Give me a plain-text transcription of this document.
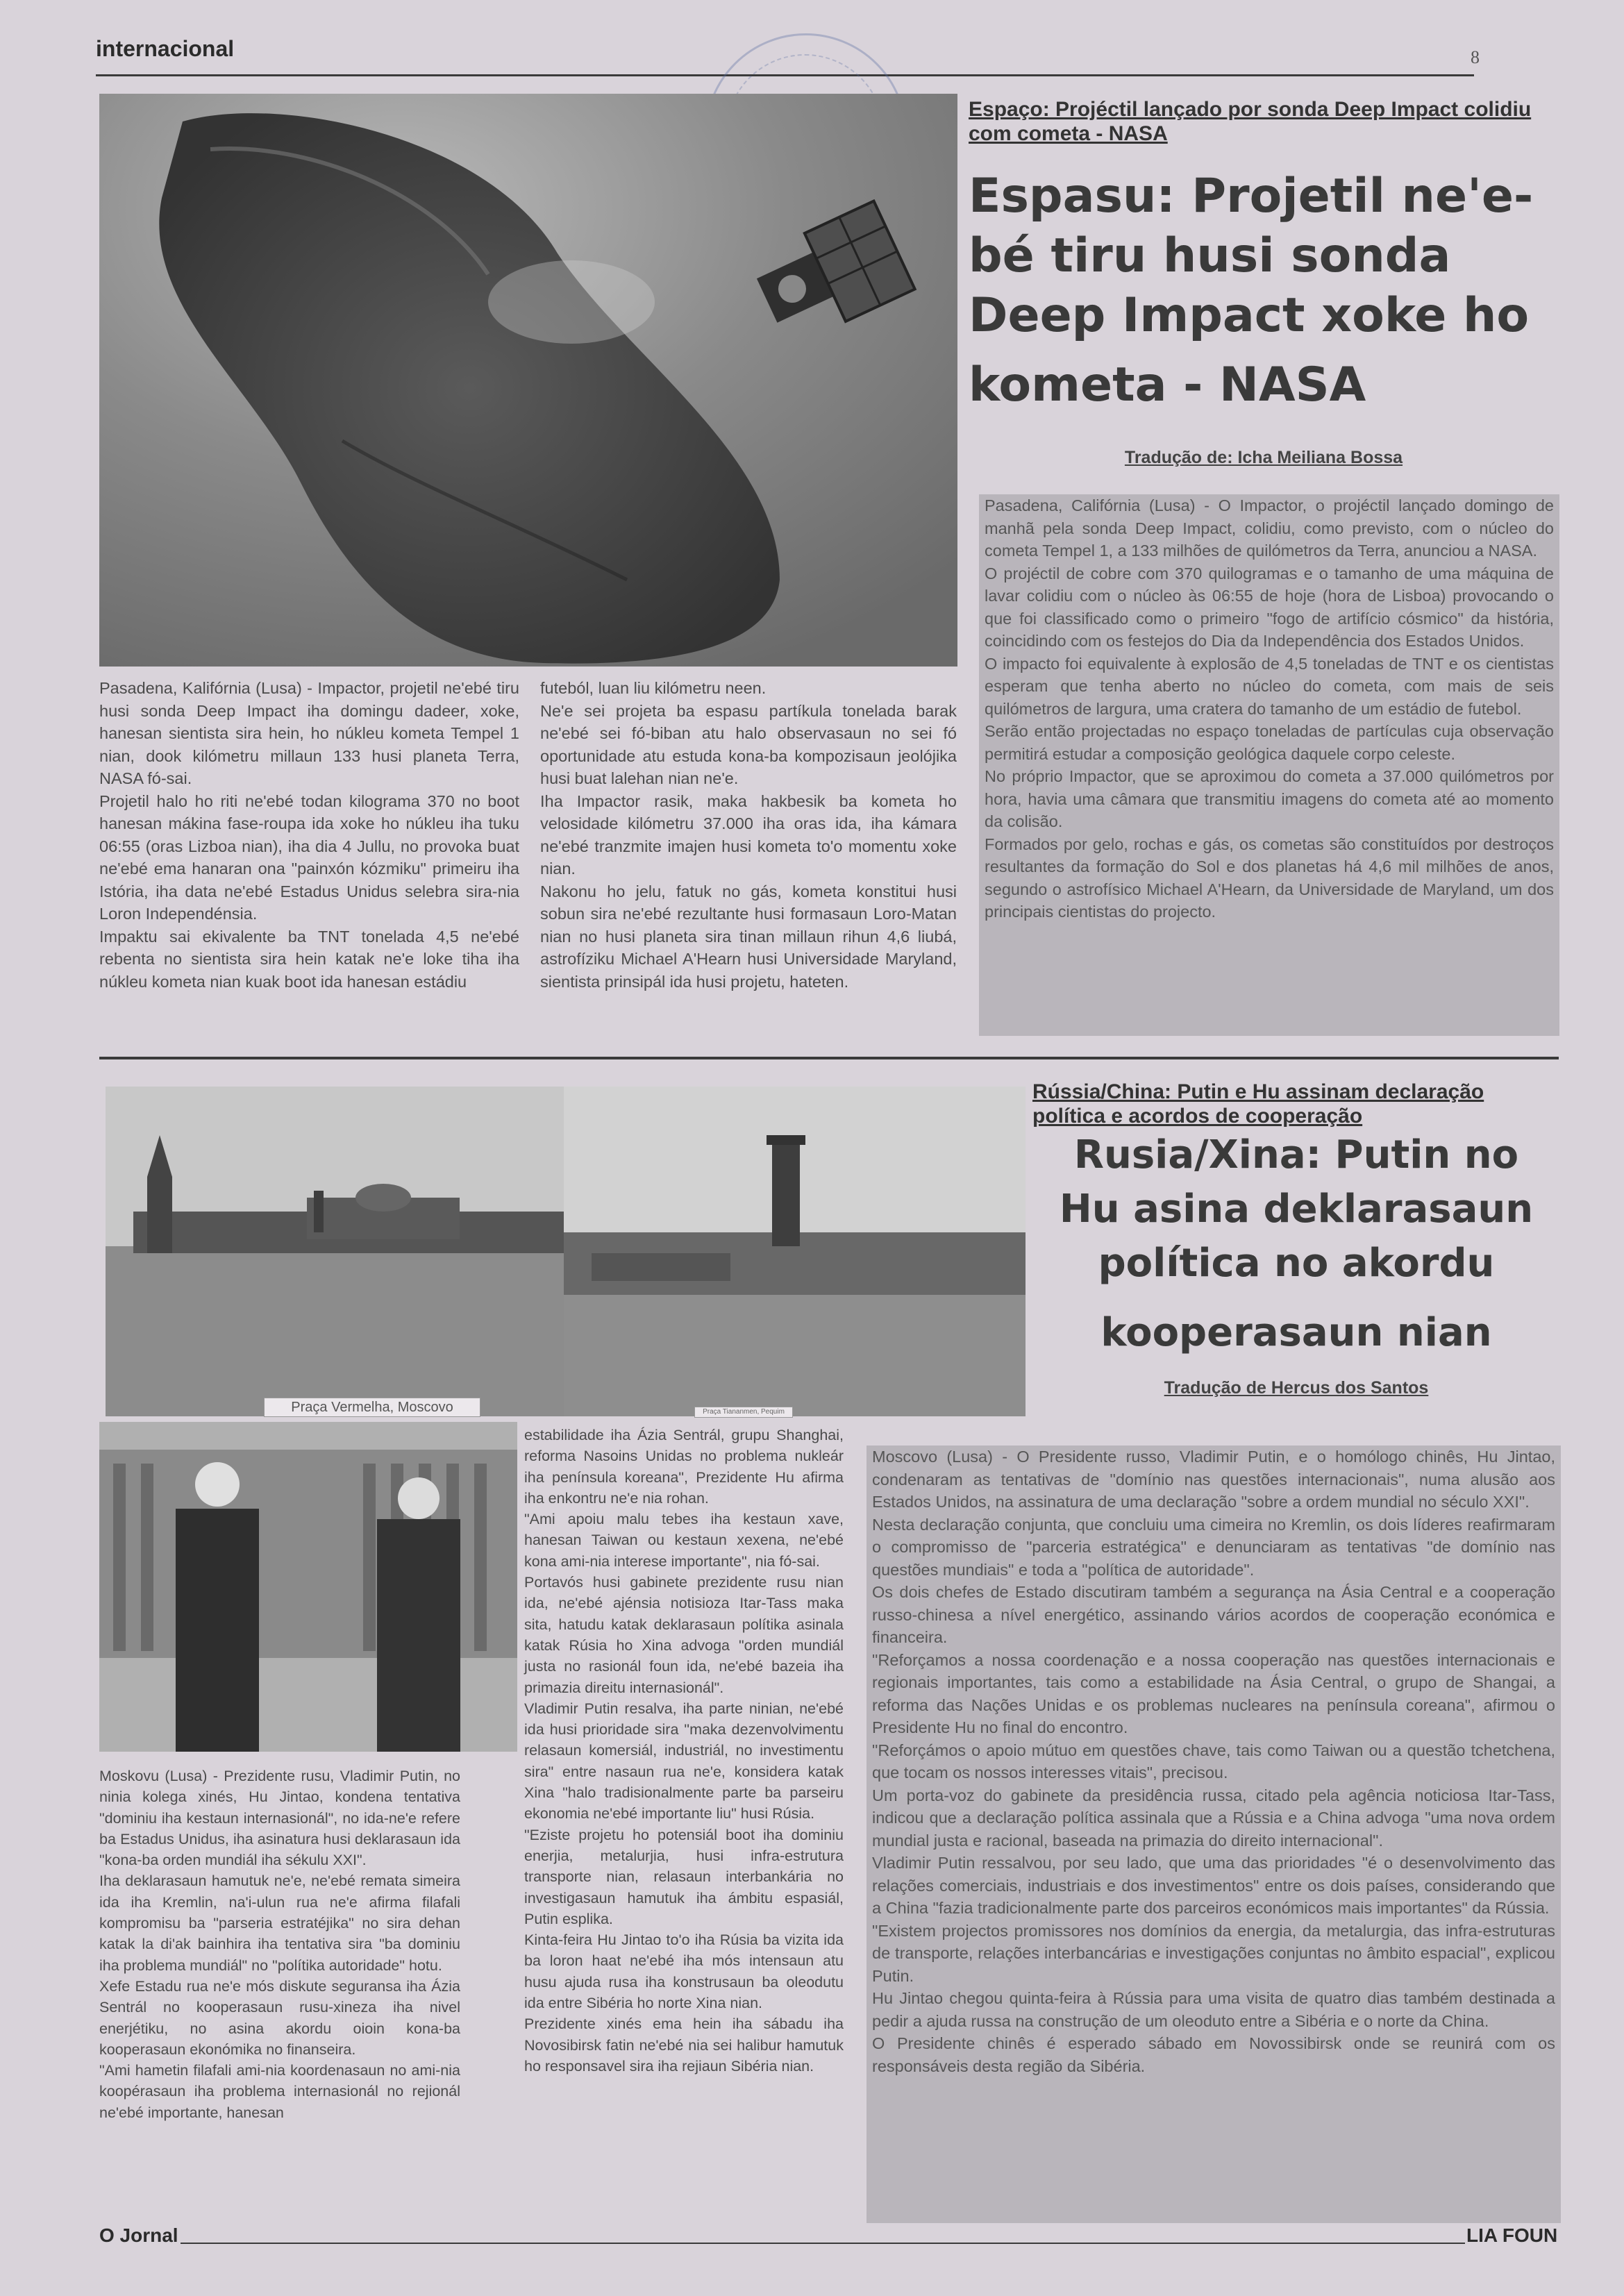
internacional	8
Espaço: Projéctil lançado por sonda Deep Impact colidiu com cometa - NASA
Espasu: Projetil ne'e-
bé tiru husi sonda
Deep Impact xoke ho
kometa - NASA
Tradução de: Icha Meiliana Bossa

Pasadena, Califórnia (Lusa) - O Impactor, o projéctil lançado domingo de manhã pela sonda Deep Impact, colidiu, como previsto, com o núcleo do cometa Tempel 1, a 133 milhões de quilómetros da Terra, anunciou a NASA.

O projéctil de cobre com 370 quilogramas e o tamanho de uma máquina de lavar colidiu com o núcleo às 06:55 de hoje (hora de Lisboa) provocando o que foi classificado como o primeiro "fogo de artifício cósmico" da história, coincidindo com os festejos do Dia da Independência dos Estados Unidos.

O impacto foi equivalente à explosão de 4,5 toneladas de TNT e os cientistas esperam que tenha aberto no núcleo do cometa, com mais de seis quilómetros de largura, uma cratera do tamanho de um estádio de futebol.

Serão então projectadas no espaço toneladas de partículas cuja observação permitirá estudar a composição geológica daquele corpo celeste.

No próprio Impactor, que se aproximou do cometa a 37.000 quilómetros por hora, havia uma câmara que transmitiu imagens do cometa até ao momento da colisão.

Formados por gelo, rochas e gás, os cometas são constituídos por destroços resultantes da formação do Sol e dos planetas há 4,6 mil milhões de anos, segundo o astrofísico Michael A'Hearn, da Universidade de Maryland, um dos principais cientistas do projecto.

Pasadena, Kalifórnia (Lusa) - Impactor, projetil ne'ebé tiru husi sonda Deep Impact iha domingu dadeer, xoke, hanesan sientista sira hein, ho núkleu kometa Tempel 1 nian, dook kilómetru millaun 133 husi planeta Terra, NASA fó-sai.

Projetil halo ho riti ne'ebé todan kilograma 370 no boot hanesan mákina fase-roupa ida xoke ho núkleu iha tuku 06:55 (oras Lizboa nian), iha dia 4 Jullu, no provoka buat ne'ebé ema hanaran ona "painxón kózmiku" primeiru iha Istória, iha data ne'ebé Estadus Unidus selebra sira-nia Loron Independénsia.

Impaktu sai ekivalente ba TNT tonelada 4,5 ne'ebé rebenta no sientista sira hein katak ne'e loke tiha iha núkleu kometa nian kuak boot ida hanesan estádiu

futeból, luan liu kilómetru neen.

Ne'e sei projeta ba espasu partíkula tonelada barak ne'ebé sei fó-biban atu halo observasaun no sei fó oportunidade atu estuda kona-ba kompozisaun jeolójika husi buat lalehan nian ne'e.

Iha Impactor rasik, maka hakbesik ba kometa ho velosidade kilómetru 37.000 iha oras ida, iha kámara ne'ebé tranzmite imajen husi kometa to'o momentu xoke nian.

Nakonu ho jelu, fatuk no gás, kometa konstitui husi sobun sira ne'ebé rezultante husi formasaun Loro-Matan nian no husi planeta sira tinan millaun rihun 4,6 liubá, astrofíziku Michael A'Hearn husi Universidade Maryland, sientista prinsipál ida husi projetu, hateten.

Praça Vermelha, Moscovo	Praça Tiananmen, Pequim
Rússia/China: Putin e Hu assinam declaração política e acordos de cooperação
Rusia/Xina: Putin no
Hu asina deklarasaun
política no akordu
kooperasaun nian
Tradução de Hercus dos Santos

Moscovo (Lusa) - O Presidente russo, Vladimir Putin, e o homólogo chinês, Hu Jintao, condenaram as tentativas de "domínio nas questões internacionais", numa alusão aos Estados Unidos, na assinatura de uma declaração "sobre a ordem mundial no século XXI".

Nesta declaração conjunta, que concluiu uma cimeira no Kremlin, os dois líderes reafirmaram o compromisso de "parceria estratégica" e denunciaram as tentativas "de domínio nas questões mundiais" e toda a "política de autoridade".

Os dois chefes de Estado discutiram também a segurança na Ásia Central e a cooperação russo-chinesa a nível energético, assinando vários acordos de cooperação económica e financeira.

"Reforçamos a nossa coordenação e a nossa cooperação nas questões internacionais e regionais importantes, tais como a estabilidade na Ásia Central, o grupo de Shangai, a reforma das Nações Unidas e os problemas nucleares na península coreana", afirmou o Presidente Hu no final do encontro.

"Reforçámos o apoio mútuo em questões chave, tais como Taiwan ou a questão tchetchena, que tocam os nossos interesses vitais", precisou.

Um porta-voz do gabinete da presidência russa, citado pela agência noticiosa Itar-Tass, indicou que a declaração política assinala que a Rússia e a China advoga "uma nova ordem mundial justa e racional, baseada na primazia do direito internacional".

Vladimir Putin ressalvou, por seu lado, que uma das prioridades "é o desenvolvimento das relações comerciais, industriais e dos investimentos" entre os dois países, considerando que a China "fazia tradicionalmente parte dos parceiros económicos mais importantes" da Rússia.

"Existem projectos promissores nos domínios da energia, da metalurgia, das infra-estruturas de transporte, relações interbancárias e investigações conjuntas no âmbito espacial", explicou Putin.

Hu Jintao chegou quinta-feira à Rússia para uma visita de quatro dias também destinada a pedir a ajuda russa na construção de um oleoduto entre a Sibéria e o norte da China.

O Presidente chinês é esperado sábado em Novossibirsk onde se reunirá com os responsáveis desta região da Sibéria.

Moskovu (Lusa) - Prezidente rusu, Vladimir Putin, no ninia kolega xinés, Hu Jintao, kondena tentativa "dominiu iha kestaun internasionál", no ida-ne'e refere ba Estadus Unidus, iha asinatura husi deklarasaun ida "kona-ba orden mundiál iha sékulu XXI".

Iha deklarasaun hamutuk ne'e, ne'ebé remata simeira ida iha Kremlin, na'i-ulun rua ne'e afirma filafali kompromisu ba "parseria estratéjika" no sira dehan katak la di'ak bainhira iha tentativa sira "ba dominiu iha problema mundiál" no "polítika autoridade" hotu.

Xefe Estadu rua ne'e mós diskute seguransa iha Ázia Sentrál no kooperasaun rusu-xineza iha nivel enerjétiku, no asina akordu oioin kona-ba kooperasaun ekonómika no finanseira.

"Ami hametin filafali ami-nia koordenasaun no ami-nia koopérasaun iha problema internasionál no rejionál ne'ebé importante, hanesan

estabilidade iha Ázia Sentrál, grupu Shanghai, reforma Nasoins Unidas no problema nukleár iha península koreana", Prezidente Hu afirma iha enkontru ne'e nia rohan.

"Ami apoiu malu tebes iha kestaun xave, hanesan Taiwan ou kestaun xexena, ne'ebé kona ami-nia interese importante", nia fó-sai.

Portavós husi gabinete prezidente rusu nian ida, ne'ebé ajénsia notisioza Itar-Tass maka sita, hatudu katak deklarasaun polítika asinala katak Rúsia ho Xina advoga "orden mundiál justa no rasionál foun ida, ne'ebé bazeia iha primazia direitu internasionál".

Vladimir Putin resalva, iha parte ninian, ne'ebé ida husi prioridade sira "maka dezenvolvimentu relasaun komersiál, industriál, no investimentu sira" entre nasaun rua ne'e, konsidera katak Xina "halo tradisionalmente parte ba parseiru ekonomia ne'ebé importante liu" husi Rúsia.

"Eziste projetu ho potensiál boot iha dominiu enerjia, metalurjia, husi infra-estrutura transporte nian, relasaun interbankária no investigasaun hamutuk iha ámbitu espasiál, Putin esplika.

Kinta-feira Hu Jintao to'o iha Rúsia ba vizita ida ba loron haat ne'ebé iha mós intensaun atu husu ajuda rusa iha konstrusaun ba oleodutu ida entre Sibéria ho norte Xina nian.

Prezidente xinés ema hein iha sábadu iha Novosibirsk fatin ne'ebé nia sei halibur hamutuk ho responsavel sira iha rejiaun Sibéria nian.

O Jornal	LIA FOUN
